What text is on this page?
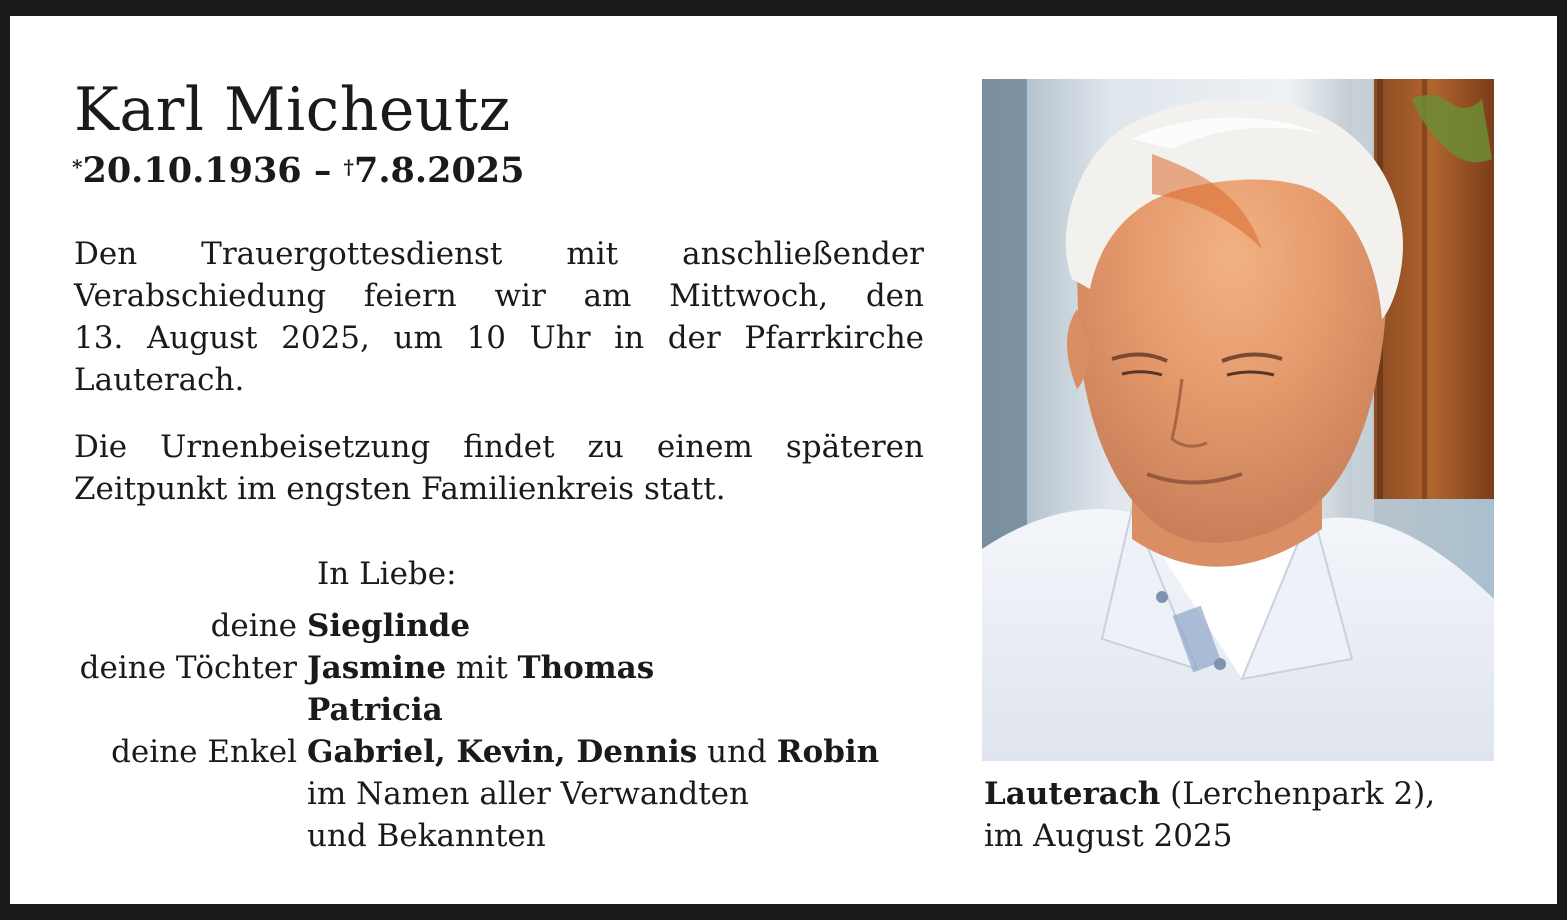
Karl Micheutz
*20.10.1936 – †7.8.2025

Den Trauergottesdienst mit anschließender
Verabschiedung feiern wir am Mittwoch, den
13. August 2025, um 10 Uhr in der Pfarrkirche
Lauterach.

Die Urnenbeisetzung findet zu einem späteren
Zeitpunkt im engsten Familienkreis statt.

In Liebe:
deine Sieglinde
deine Töchter Jasmine mit Thomas
Patricia
deine Enkel Gabriel, Kevin, Dennis und Robin
im Namen aller Verwandten
und Bekannten
Lauterach (Lerchenpark 2),
im August 2025
